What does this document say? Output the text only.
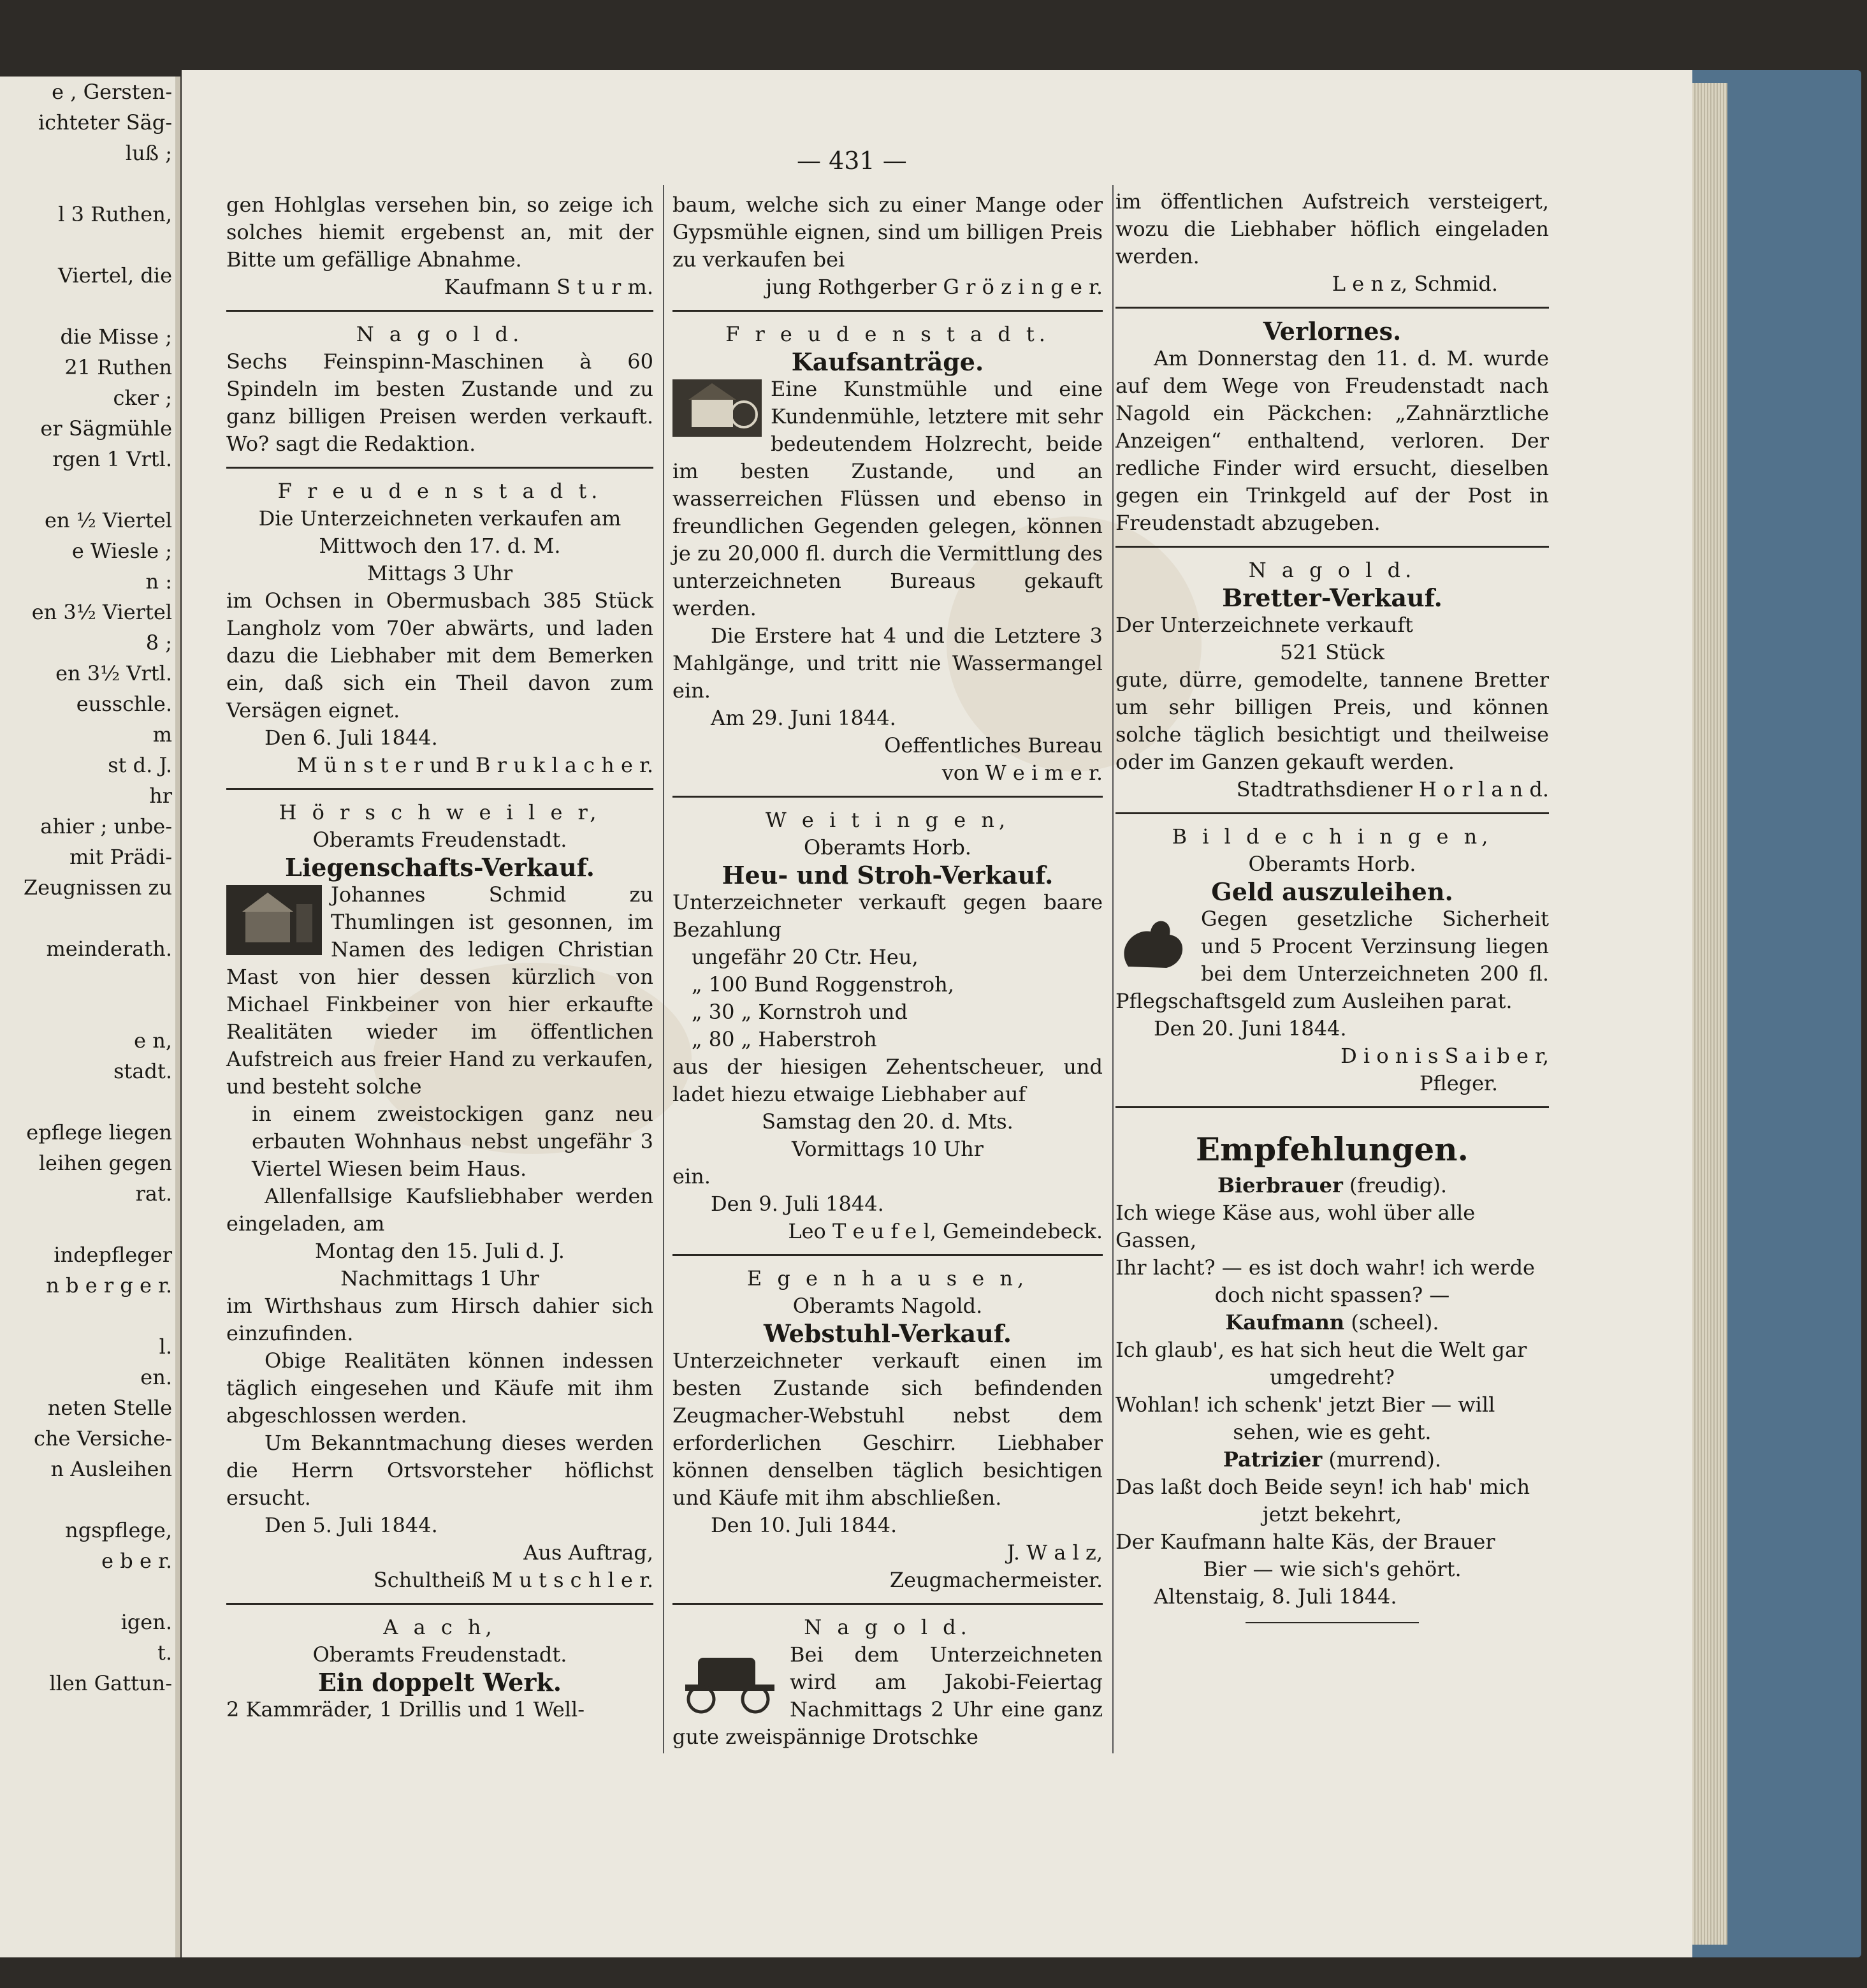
e , Gersten-
ichteter Säg-
luß ;
l 3 Ruthen,
Viertel, die
die Misse ;
21 Ruthen
cker ;
er Sägmühle
rgen 1 Vrtl.
en ½ Viertel
e Wiesle ;
n :
en 3½ Viertel
8 ;
en 3½ Vrtl.
eusschle.
m
st d. J.
hr
ahier ; unbe-
mit Prädi-
Zeugnissen zu
meinderath.
e n,
stadt.
epflege liegen
leihen gegen
rat.
indepfleger
n b e r g e r.
l.
en.
neten Stelle
che Versiche-
n Ausleihen
ngspflege,
e b e r.
igen.
t.
llen Gattun-
— 431 —

gen Hohlglas versehen bin, so zeige ich solches hiemit ergebenst an, mit der Bitte um gefällige Abnahme.

Kaufmann S t u r m.

N a g o l d.

Sechs Feinspinn-Maschinen à 60 Spindeln im besten Zustande und zu ganz billigen Preisen werden verkauft. Wo? sagt die Redaktion.

F r e u d e n s t a d t.

Die Unterzeichneten verkaufen am

Mittwoch den 17. d. M.

Mittags 3 Uhr

im Ochsen in Obermusbach 385 Stück Langholz vom 70er abwärts, und laden dazu die Liebhaber mit dem Bemerken ein, daß sich ein Theil davon zum Versägen eignet.

Den 6. Juli 1844.

M ü n s t e r und B r u k l a c h e r.

H ö r s c h w e i l e r,

Oberamts Freudenstadt.

Liegenschafts-Verkauf.

Johannes Schmid zu Thumlingen ist gesonnen, im Namen des ledigen Christian Mast von hier dessen kürzlich von Michael Finkbeiner von hier erkaufte Realitäten wieder im öffentlichen Aufstreich aus freier Hand zu verkaufen, und besteht solche

in einem zweistockigen ganz neu erbauten Wohnhaus nebst ungefähr 3 Viertel Wiesen beim Haus.

Allenfallsige Kaufsliebhaber werden eingeladen, am

Montag den 15. Juli d. J.

Nachmittags 1 Uhr

im Wirthshaus zum Hirsch dahier sich einzufinden.

Obige Realitäten können indessen täglich eingesehen und Käufe mit ihm abgeschlossen werden.

Um Bekanntmachung dieses werden die Herrn Ortsvorsteher höflichst ersucht.

Den 5. Juli 1844.

Aus Auftrag,

Schultheiß M u t s c h l e r.

A a c h,

Oberamts Freudenstadt.

Ein doppelt Werk.

2 Kammräder, 1 Drillis und 1 Well-

baum, welche sich zu einer Mange oder Gypsmühle eignen, sind um billigen Preis zu verkaufen bei

jung Rothgerber G r ö z i n g e r.

F r e u d e n s t a d t.

Kaufsanträge.

Eine Kunstmühle und eine Kundenmühle, letztere mit sehr bedeutendem Holzrecht, beide im besten Zustande, und an wasserreichen Flüssen und ebenso in freundlichen Gegenden gelegen, können je zu 20,000 fl. durch die Vermittlung des unterzeichneten Bureaus gekauft werden.

Die Erstere hat 4 und die Letztere 3 Mahlgänge, und tritt nie Wassermangel ein.

Am 29. Juni 1844.

Oeffentliches Bureau

von W e i m e r.

W e i t i n g e n,

Oberamts Horb.

Heu- und Stroh-Verkauf.

Unterzeichneter verkauft gegen baare Bezahlung

ungefähr 20 Ctr. Heu,

„ 100 Bund Roggenstroh,

„ 30 „ Kornstroh und

„ 80 „ Haberstroh

aus der hiesigen Zehentscheuer, und ladet hiezu etwaige Liebhaber auf

Samstag den 20. d. Mts.

Vormittags 10 Uhr

ein.

Den 9. Juli 1844.

Leo T e u f e l, Gemeindebeck.

E g e n h a u s e n,

Oberamts Nagold.

Webstuhl-Verkauf.

Unterzeichneter verkauft einen im besten Zustande sich befindenden Zeugmacher-Webstuhl nebst dem erforderlichen Geschirr. Liebhaber können denselben täglich besichtigen und Käufe mit ihm abschließen.

Den 10. Juli 1844.

J. W a l z,

Zeugmachermeister.

N a g o l d.

Bei dem Unterzeichneten wird am Jakobi-Feiertag Nachmittags 2 Uhr eine ganz gute zweispännige Drotschke

im öffentlichen Aufstreich versteigert, wozu die Liebhaber höflich eingeladen werden.

L e n z, Schmid.

Verlornes.

Am Donnerstag den 11. d. M. wurde auf dem Wege von Freudenstadt nach Nagold ein Päckchen: „Zahnärztliche Anzeigen“ enthaltend, verloren. Der redliche Finder wird ersucht, dieselben gegen ein Trinkgeld auf der Post in Freudenstadt abzugeben.

N a g o l d.

Bretter-Verkauf.

Der Unterzeichnete verkauft

521 Stück

gute, dürre, gemodelte, tannene Bretter um sehr billigen Preis, und können solche täglich besichtigt und theilweise oder im Ganzen gekauft werden.

Stadtrathsdiener H o r l a n d.

B i l d e c h i n g e n,

Oberamts Horb.

Geld auszuleihen.

Gegen gesetzliche Sicherheit und 5 Procent Verzinsung liegen bei dem Unterzeichneten 200 fl. Pflegschaftsgeld zum Ausleihen parat.

Den 20. Juni 1844.

D i o n i s S a i b e r,

Pfleger.

Empfehlungen.

Bierbrauer (freudig).

Ich wiege Käse aus, wohl über alle Gassen,

Ihr lacht? — es ist doch wahr! ich werde

doch nicht spassen? —

Kaufmann (scheel).

Ich glaub', es hat sich heut die Welt gar

umgedreht?

Wohlan! ich schenk' jetzt Bier — will

sehen, wie es geht.

Patrizier (murrend).

Das laßt doch Beide seyn! ich hab' mich

jetzt bekehrt,

Der Kaufmann halte Käs, der Brauer

Bier — wie sich's gehört.

Altenstaig, 8. Juli 1844.
